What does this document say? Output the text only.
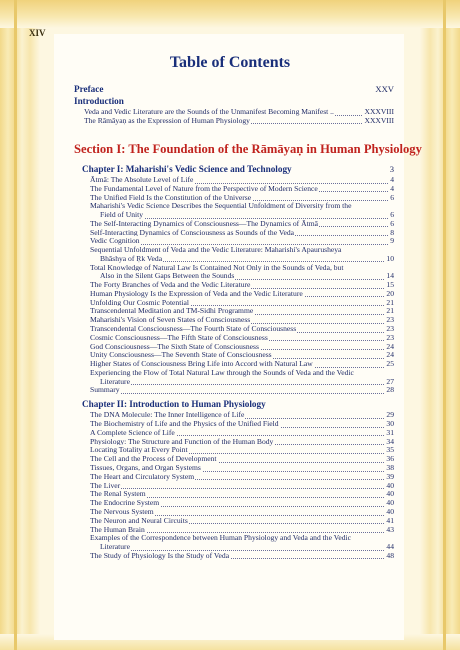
XIV
Table of Contents
Preface	XXV
Introduction
Veda and Vedic Literature are the Sounds of the Unmanifest Becoming Manifest ..	XXXVIII
The Rāmāyaṇ as the Expression of Human Physiology	XXXVIII
Section I: The Foundation of the Rāmāyaṇ in Human Physiology
Chapter I: Maharishi's Vedic Science and Technology	3
Ātmā: The Absolute Level of Life	4
The Fundamental Level of Nature from the Perspective of Modern Science	4
The Unified Field Is the Constitution of the Universe	6
Maharishi's Vedic Science Describes the Sequential Unfoldment of Diversity from the
Field of Unity	6
The Self-Interacting Dynamics of Consciousness—The Dynamics of Ātmā	6
Self-Interacting Dynamics of Consciousness as Sounds of the Veda	8
Vedic Cognition	9
Sequential Unfoldment of Veda and the Vedic Literature: Maharishi's Apaurusheya
Bhāshya of Ṛk Veda	10
Total Knowledge of Natural Law Is Contained Not Only in the Sounds of Veda, but
Also in the Silent Gaps Between the Sounds	14
The Forty Branches of Veda and the Vedic Literature	15
Human Physiology Is the Expression of Veda and the Vedic Literature	20
Unfolding Our Cosmic Potential	21
Transcendental Meditation and TM-Sidhi Programme	21
Maharishi's Vision of Seven States of Consciousness	23
Transcendental Consciousness—The Fourth State of Consciousness	23
Cosmic Consciousness—The Fifth State of Consciousness	23
God Consciousness—The Sixth State of Consciousness	24
Unity Consciousness—The Seventh State of Consciousness	24
Higher States of Consciousness Bring Life into Accord with Natural Law	25
Experiencing the Flow of Total Natural Law through the Sounds of Veda and the Vedic
Literature	27
Summary	28
Chapter II: Introduction to Human Physiology
The DNA Molecule: The Inner Intelligence of Life	29
The Biochemistry of Life and the Physics of the Unified Field	30
A Complete Science of Life	31
Physiology: The Structure and Function of the Human Body	34
Locating Totality at Every Point	35
The Cell and the Process of Development	36
Tissues, Organs, and Organ Systems	38
The Heart and Circulatory System	39
The Liver	40
The Renal System	40
The Endocrine System	40
The Nervous System	40
The Neuron and Neural Circuits	41
The Human Brain	43
Examples of the Correspondence between Human Physiology and Veda and the Vedic
Literature	44
The Study of Physiology Is the Study of Veda	48
